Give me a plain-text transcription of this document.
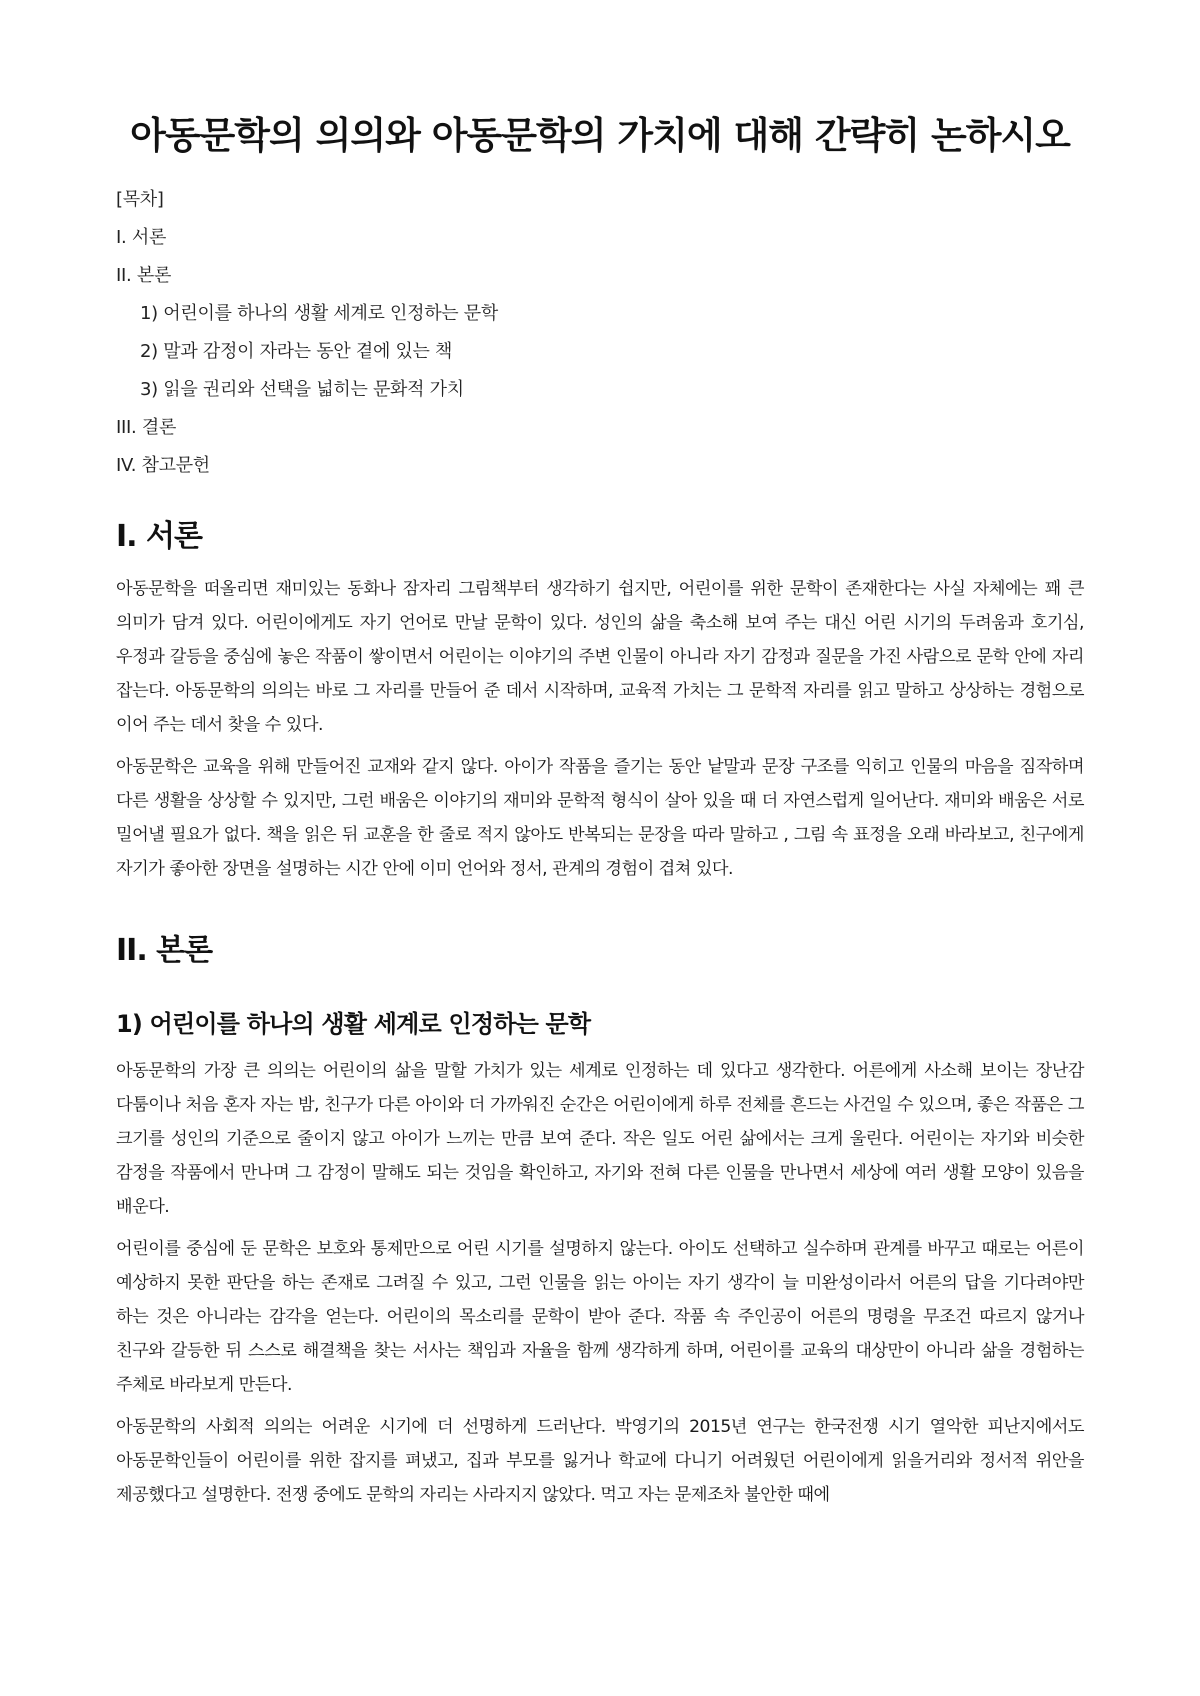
아동문학의 의의와 아동문학의 가치에 대해 간략히 논하시오
[목차]
I. 서론
II. 본론
1) 어린이를 하나의 생활 세계로 인정하는 문학
2) 말과 감정이 자라는 동안 곁에 있는 책
3) 읽을 권리와 선택을 넓히는 문화적 가치
III. 결론
IV. 참고문헌
I. 서론

아동문학을 떠올리면 재미있는 동화나 잠자리 그림책부터 생각하기 쉽지만, 어린이를 위한 문학이 존재한다는 사실 자체에는 꽤 큰 의미가 담겨 있다. 어린이에게도 자기 언어로 만날 문학이 있다. 성인의 삶을 축소해 보여 주는 대신 어린 시기의 두려움과 호기심, 우정과 갈등을 중심에 놓은 작품이 쌓이면서 어린이는 이야기의 주변 인물이 아니라 자기 감정과 질문을 가진 사람으로 문학 안에 자리 잡는다. 아동문학의 의의는 바로 그 자리를 만들어 준 데서 시작하며, 교육적 가치는 그 문학적 자리를 읽고 말하고 상상하는 경험으로 이어 주는 데서 찾을 수 있다.

아동문학은 교육을 위해 만들어진 교재와 같지 않다. 아이가 작품을 즐기는 동안 낱말과 문장 구조를 익히고 인물의 마음을 짐작하며 다른 생활을 상상할 수 있지만, 그런 배움은 이야기의 재미와 문학적 형식이 살아 있을 때 더 자연스럽게 일어난다. 재미와 배움은 서로 밀어낼 필요가 없다. 책을 읽은 뒤 교훈을 한 줄로 적지 않아도 반복되는 문장을 따라 말하고 , 그림 속 표정을 오래 바라보고, 친구에게 자기가 좋아한 장면을 설명하는 시간 안에 이미 언어와 정서, 관계의 경험이 겹쳐 있다.

II. 본론
1) 어린이를 하나의 생활 세계로 인정하는 문학

아동문학의 가장 큰 의의는 어린이의 삶을 말할 가치가 있는 세계로 인정하는 데 있다고 생각한다. 어른에게 사소해 보이는 장난감 다툼이나 처음 혼자 자는 밤, 친구가 다른 아이와 더 가까워진 순간은 어린이에게 하루 전체를 흔드는 사건일 수 있으며, 좋은 작품은 그 크기를 성인의 기준으로 줄이지 않고 아이가 느끼는 만큼 보여 준다. 작은 일도 어린 삶에서는 크게 울린다. 어린이는 자기와 비슷한 감정을 작품에서 만나며 그 감정이 말해도 되는 것임을 확인하고, 자기와 전혀 다른 인물을 만나면서 세상에 여러 생활 모양이 있음을 배운다.

어린이를 중심에 둔 문학은 보호와 통제만으로 어린 시기를 설명하지 않는다. 아이도 선택하고 실수하며 관계를 바꾸고 때로는 어른이 예상하지 못한 판단을 하는 존재로 그려질 수 있고, 그런 인물을 읽는 아이는 자기 생각이 늘 미완성이라서 어른의 답을 기다려야만 하는 것은 아니라는 감각을 얻는다. 어린이의 목소리를 문학이 받아 준다. 작품 속 주인공이 어른의 명령을 무조건 따르지 않거나 친구와 갈등한 뒤 스스로 해결책을 찾는 서사는 책임과 자율을 함께 생각하게 하며, 어린이를 교육의 대상만이 아니라 삶을 경험하는 주체로 바라보게 만든다.

아동문학의 사회적 의의는 어려운 시기에 더 선명하게 드러난다. 박영기의 2015년 연구는 한국전쟁 시기 열악한 피난지에서도 아동문학인들이 어린이를 위한 잡지를 펴냈고, 집과 부모를 잃거나 학교에 다니기 어려웠던 어린이에게 읽을거리와 정서적 위안을 제공했다고 설명한다. 전쟁 중에도 문학의 자리는 사라지지 않았다. 먹고 자는 문제조차 불안한 때에
